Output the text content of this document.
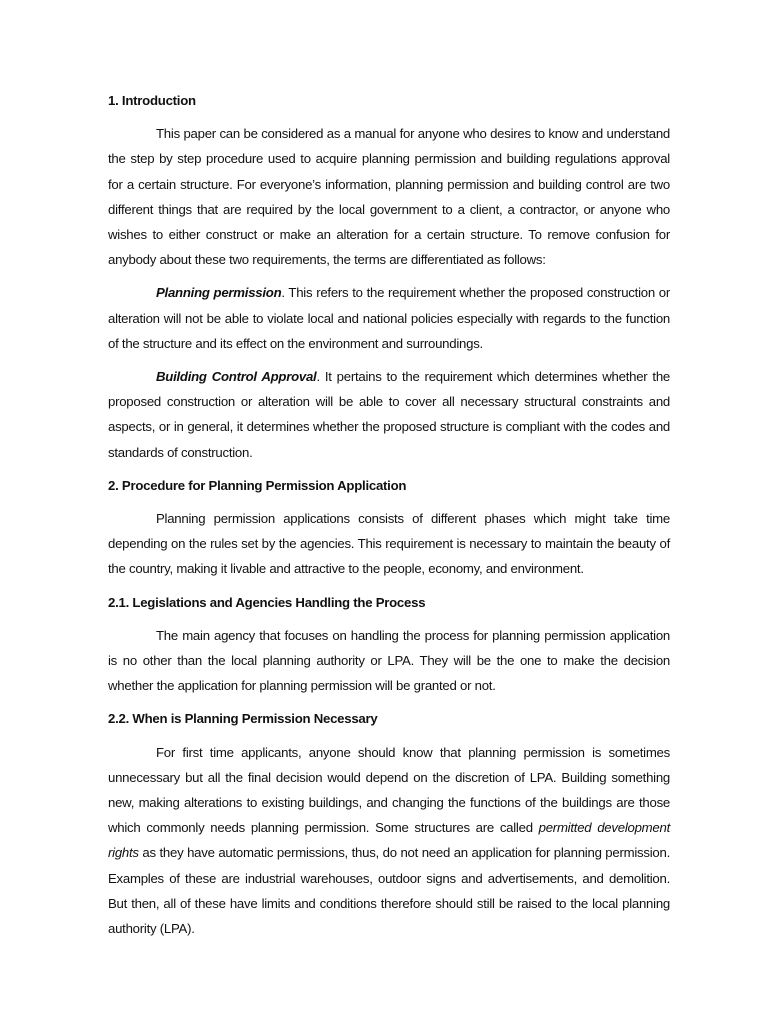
1. Introduction

This paper can be considered as a manual for anyone who desires to know and understand the step by step procedure used to acquire planning permission and building regulations approval for a certain structure. For everyone’s information, planning permission and building control are two different things that are required by the local government to a client, a contractor, or anyone who wishes to either construct or make an alteration for a certain structure. To remove confusion for anybody about these two requirements, the terms are differentiated as follows:

Planning permission. This refers to the requirement whether the proposed construction or alteration will not be able to violate local and national policies especially with regards to the function of the structure and its effect on the environment and surroundings.

Building Control Approval. It pertains to the requirement which determines whether the proposed construction or alteration will be able to cover all necessary structural constraints and aspects, or in general, it determines whether the proposed structure is compliant with the codes and standards of construction.

2. Procedure for Planning Permission Application

Planning permission applications consists of different phases which might take time depending on the rules set by the agencies. This requirement is necessary to maintain the beauty of the country, making it livable and attractive to the people, economy, and environment.

2.1. Legislations and Agencies Handling the Process

The main agency that focuses on handling the process for planning permission application is no other than the local planning authority or LPA. They will be the one to make the decision whether the application for planning permission will be granted or not.

2.2. When is Planning Permission Necessary

For first time applicants, anyone should know that planning permission is sometimes unnecessary but all the final decision would depend on the discretion of LPA. Building something new, making alterations to existing buildings, and changing the functions of the buildings are those which commonly needs planning permission. Some structures are called permitted development rights as they have automatic permissions, thus, do not need an application for planning permission. Examples of these are industrial warehouses, outdoor signs and advertisements, and demolition. But then, all of these have limits and conditions therefore should still be raised to the local planning authority (LPA).
